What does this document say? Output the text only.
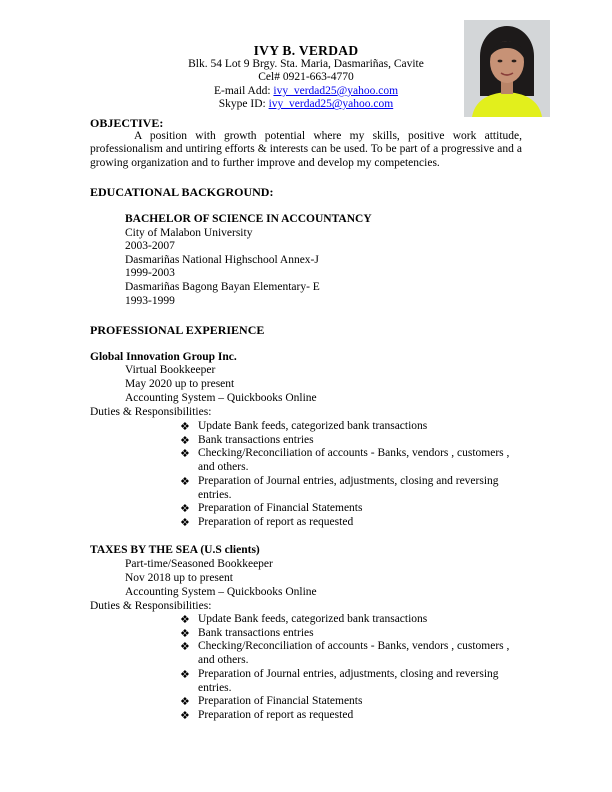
IVY B. VERDAD
Blk. 54 Lot 9 Brgy. Sta. Maria, Dasmariñas, Cavite
Cel# 0921-663-4770
E-mail Add: ivy_verdad25@yahoo.com
Skype ID: ivy_verdad25@yahoo.com
OBJECTIVE:
A position with growth potential where my skills, positive work attitude, professionalism and untiring efforts & interests can be used. To be part of a progressive and a growing organization and to further improve and develop my competencies.
EDUCATIONAL BACKGROUND:
BACHELOR OF SCIENCE IN ACCOUNTANCY
City of Malabon University
2003-2007
Dasmariñas National Highschool Annex-J
1999-2003
Dasmariñas Bagong Bayan Elementary- E
1993-1999
PROFESSIONAL EXPERIENCE
Global Innovation Group Inc.
Virtual Bookkeeper
May 2020 up to present
Accounting System – Quickbooks Online
Duties & Responsibilities:
❖ Update Bank feeds, categorized bank transactions
❖ Bank transactions entries
❖ Checking/Reconciliation of accounts - Banks, vendors , customers , and others.
❖ Preparation of Journal entries, adjustments, closing and reversing entries.
❖ Preparation of Financial Statements
❖ Preparation of report as requested
TAXES BY THE SEA (U.S clients)
Part-time/Seasoned Bookkeeper
Nov 2018 up to present
Accounting System – Quickbooks Online
Duties & Responsibilities:
❖ Update Bank feeds, categorized bank transactions
❖ Bank transactions entries
❖ Checking/Reconciliation of accounts - Banks, vendors , customers , and others.
❖ Preparation of Journal entries, adjustments, closing and reversing entries.
❖ Preparation of Financial Statements
❖ Preparation of report as requested
